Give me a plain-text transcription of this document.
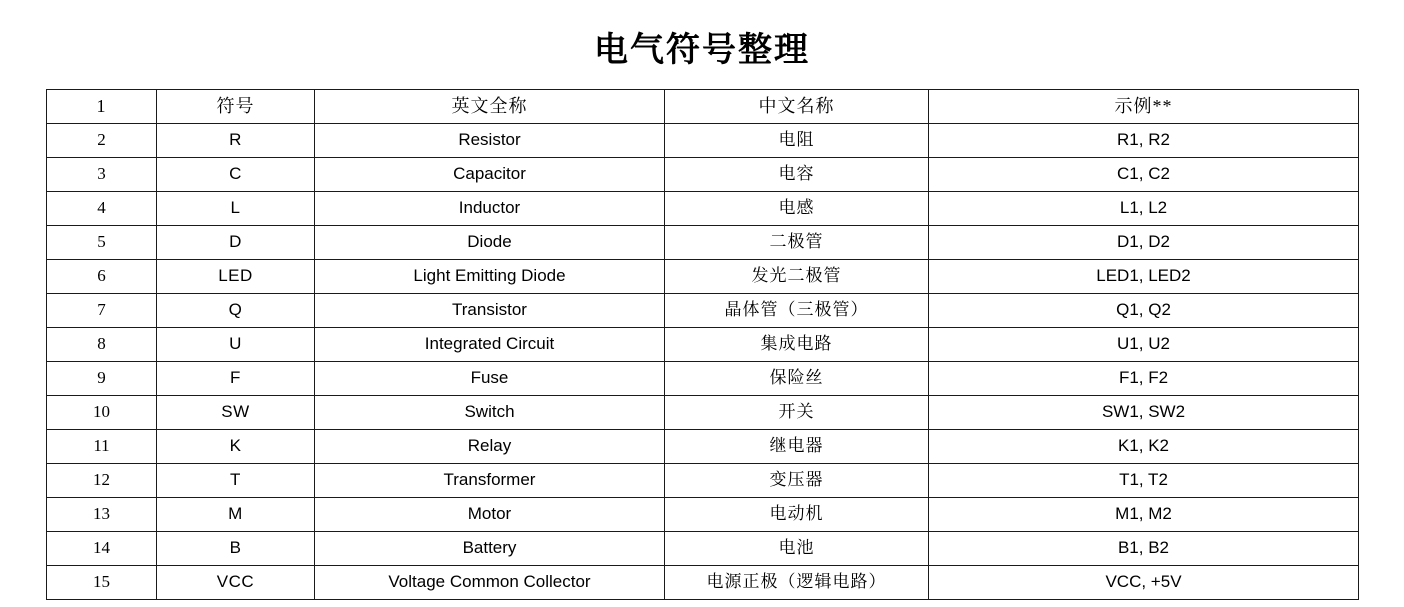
电气符号整理
1	符号	英文全称	中文名称	示例**
2	R	Resistor	电阻	R1, R2
3	C	Capacitor	电容	C1, C2
4	L	Inductor	电感	L1, L2
5	D	Diode	二极管	D1, D2
6	LED	Light Emitting Diode	发光二极管	LED1, LED2
7	Q	Transistor	晶体管（三极管）	Q1, Q2
8	U	Integrated Circuit	集成电路	U1, U2
9	F	Fuse	保险丝	F1, F2
10	SW	Switch	开关	SW1, SW2
11	K	Relay	继电器	K1, K2
12	T	Transformer	变压器	T1, T2
13	M	Motor	电动机	M1, M2
14	B	Battery	电池	B1, B2
15	VCC	Voltage Common Collector	电源正极（逻辑电路）	VCC, +5V
